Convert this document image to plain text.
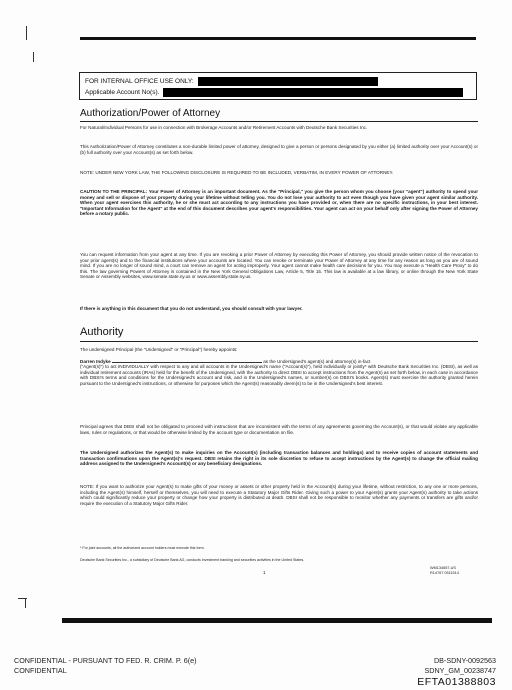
FOR INTERNAL OFFICE USE ONLY:
Applicable Account No(s).
Authorization/Power of Attorney
For Natural/Individual Persons for use in connection with Brokerage Accounts and/or Retirement Accounts with Deutsche Bank Securities Inc.
This Authorization/Power of Attorney constitutes a non-durable limited power of attorney, designed to give a person or persons designated by you either (a) limited authority over your Account(s) or (b) full authority over your Account(s) as set forth below.
NOTE: UNDER NEW YORK LAW, THE FOLLOWING DISCLOSURE IS REQUIRED TO BE INCLUDED, VERBATIM, IN EVERY POWER OF ATTORNEY.
CAUTION TO THE PRINCIPAL: Your Power of Attorney is an important document. As the "Principal," you give the person whom you choose (your "agent") authority to spend your money and sell or dispose of your property during your lifetime without telling you. You do not lose your authority to act even though you have given your agent similar authority. When your agent exercises this authority, he or she must act according to any instructions you have provided or, when there are no specific instructions, in your best interest. "Important Information for the Agent" at the end of this document describes your agent's responsibilities. Your agent can act on your behalf only after signing the Power of Attorney before a notary public.
You can request information from your agent at any time. If you are revoking a prior Power of Attorney by executing this Power of Attorney, you should provide written notice of the revocation to your prior agent(s) and to the financial institutions where your accounts are located. You can revoke or terminate your Power of Attorney at any time for any reason as long as you are of sound mind. If you are no longer of sound mind, a court can remove an agent for acting improperly. Your agent cannot make health care decisions for you. You may execute a "Health Care Proxy" to do this. The law governing Powers of Attorney is contained in the New York General Obligations Law, Article 5, Title 15. This law is available at a law library, or online through the New York State Senate or Assembly websites, www.senate.state.ny.us or www.assembly.state.ny.us.
If there is anything in this document that you do not understand, you should consult with your lawyer.
Authority
The undersigned Principal (the "Undersigned" or "Principal") hereby appoints:
Darren Indyke	as the Undersigned's agent(s) and attorney(s) in-fact
("Agent(s)") to act INDIVIDUALLY with respect to any and all accounts in the Undersigned's name ("Account(s)"), held individually or jointly* with Deutsche Bank Securities Inc. (DBSI), as well as individual retirement accounts (IRAs) held for the benefit of the Undersigned, with the authority to direct DBSI to accept instructions from the Agent(s) as set forth below, in each case in accordance with DBSI's terms and conditions for the Undersigned's account and risk, and in the Undersigned's names, or number(s) on DBSI's books. Agent(s) must exercise the authority granted herein pursuant to the Undersigned's instructions, or otherwise for purposes which the Agent(s) reasonably deem(s) to be in the Undersigned's best interest.
Principal agrees that DBSI shall not be obligated to proceed with instructions that are inconsistent with the terms of any agreements governing the Account(s), or that would violate any applicable laws, rules or regulations, or that would be otherwise limited by the account type or documentation on file.
The Undersigned authorizes the Agent(s) to make inquiries on the Account(s) (including transaction balances and holdings) and to receive copies of account statements and transaction confirmations upon the Agent(s)'s request. DBSI retains the right in its sole discretion to refuse to accept instructions by the Agent(s) to change the official mailing address assigned to the Undersigned's Account(s) or any beneficiary designations.
NOTE: If you want to authorize your Agent(s) to make gifts of your money or assets or other property held in the Account(s) during your lifetime, without restriction, to any one or more persons, including the Agent(s) himself, herself or themselves, you will need to execute a Statutory Major Gifts Rider. Giving such a power to your Agent(s) grants your Agent(s) authority to take actions which could significantly reduce your property or change how your property is distributed at death. DBSI shall not be responsible to monitor whether any payments or transfers are gifts and/or require the execution of a Statutory Major Gifts Rider.
* For joint accounts, all the authorized account holders must execute this form.
Deutsche Bank Securities Inc., a subsidiary of Deutsche Bank AG, conducts investment banking and securities activities in the United States.
1
WM134657-US
R14767 0511514
CONFIDENTIAL - PURSUANT TO FED. R. CRIM. P. 6(e)
CONFIDENTIAL
DB-SDNY-0092563
SDNY_GM_00238747
EFTA01388803
